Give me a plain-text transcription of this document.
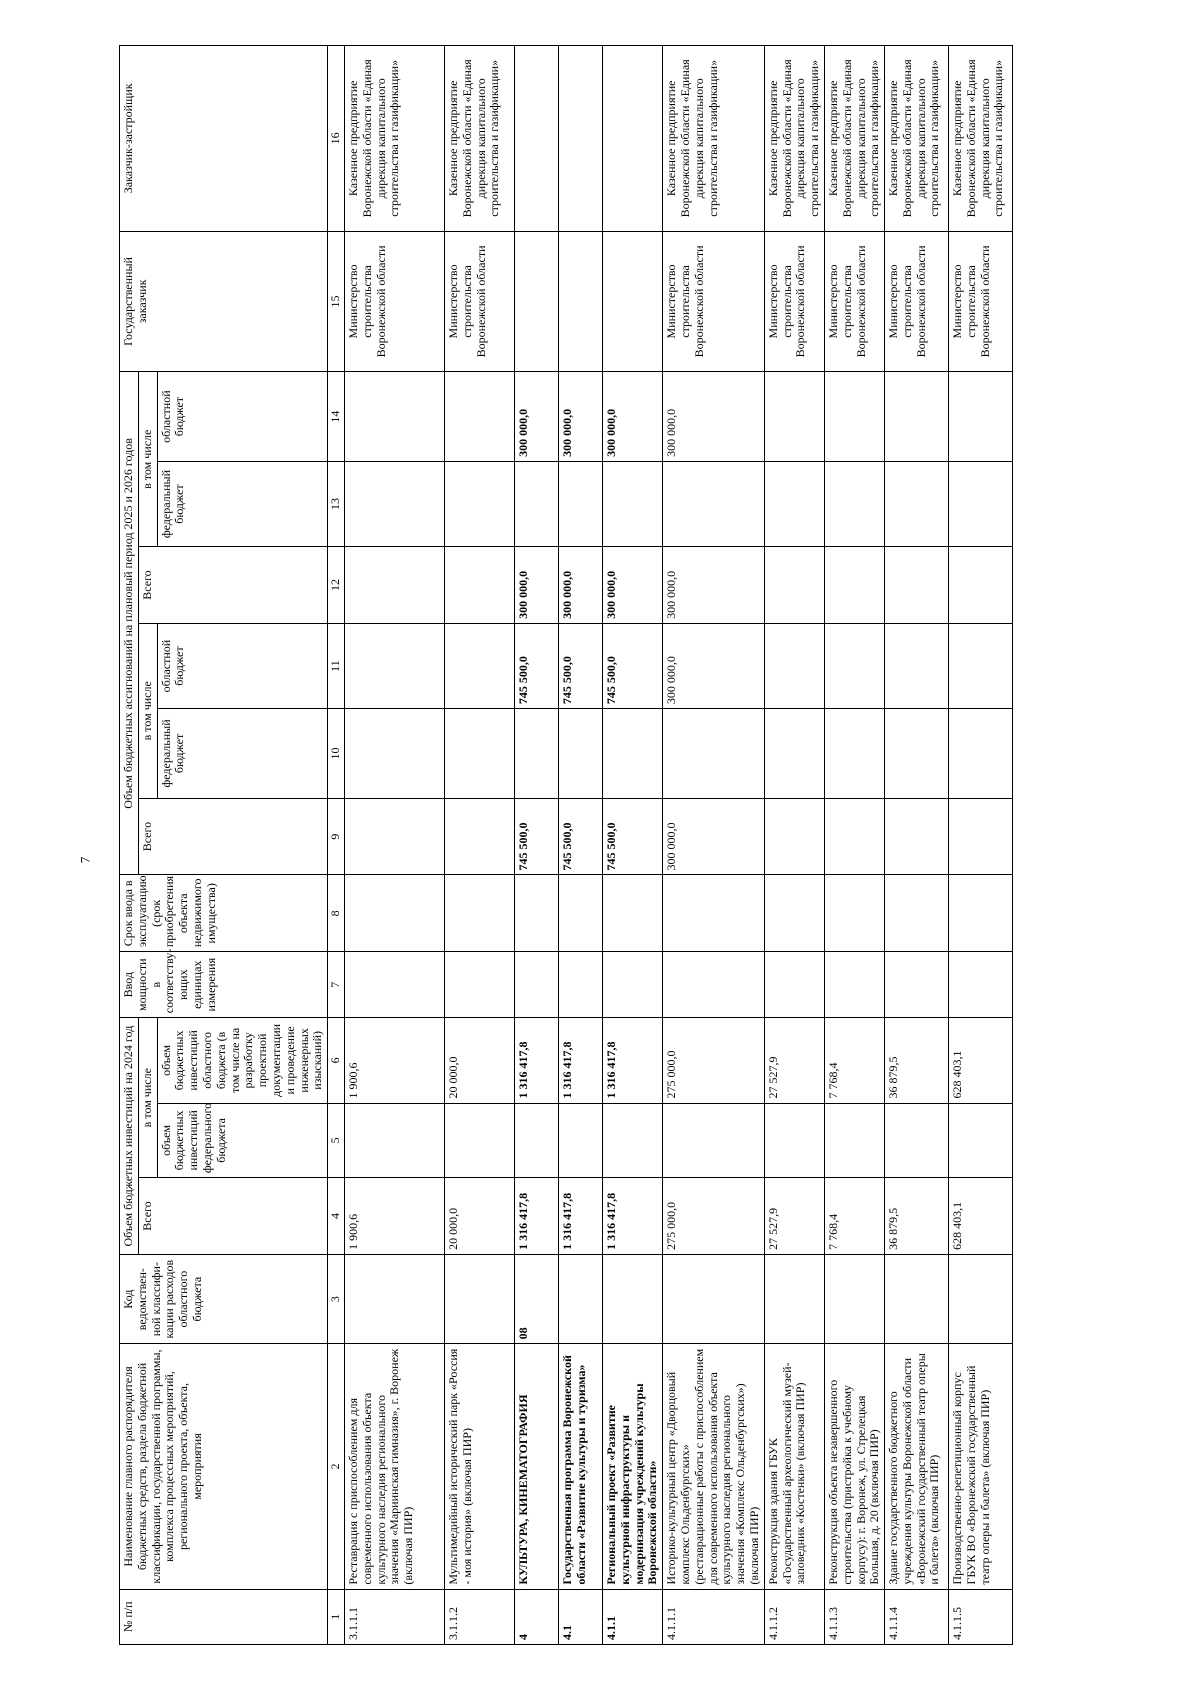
7
№ п/п	Наименование главного распорядителя бюджетных средств, раздела бюджетной классификации, государственной программы, комплекса процессных мероприятий, регионального проекта, объекта, мероприятия	Код ведомствен-ной классифи-кации расходов областного бюджета	Объем бюджетных инвестиций на 2024 год			Ввод мощности в соответству-ющих единицах измерения	Срок ввода в эксплуатацию (срок приобретения объекта недвижимого имущества)	Объем бюджетных ассигнований на плановый период 2025 и 2026 годов						Государственный заказчик	Заказчик-застройщик
			Всего	в том числе				Всего	в том числе		Всего	в том числе			
				объем бюджетных инвестиций федерального бюджета	объем бюджетных инвестиций областного бюджета (в том числе на разработку проектной документации и проведение инженерных изысканий)				федеральный бюджет	областной бюджет		федеральный бюджет	областной бюджет		
1	2	3	4	5	6	7	8	9	10	11	12	13	14	15	16
3.1.1.1	Реставрация с приспособлением для современного использования объекта культурного наследия регионального значения «Мариинская гимназия», г. Воронеж (включая ПИР)		1 900,6		1 900,6									Министерство строительства Воронежской области	Казенное предприятие Воронежской области «Единая дирекция капитального строительства и газификации»
3.1.1.2	Мультимедийный исторический парк «Россия - моя история» (включая ПИР)		20 000,0		20 000,0									Министерство строительства Воронежской области	Казенное предприятие Воронежской области «Единая дирекция капитального строительства и газификации»
4	КУЛЬТУРА, КИНЕМАТОГРАФИЯ	08	1 316 417,8		1 316 417,8			745 500,0		745 500,0	300 000,0		300 000,0		
4.1	Государственная программа Воронежской области «Развитие культуры и туризма»		1 316 417,8		1 316 417,8			745 500,0		745 500,0	300 000,0		300 000,0		
4.1.1	Региональный проект «Развитие культурной инфраструктуры и модернизация учреждений культуры Воронежской области»		1 316 417,8		1 316 417,8			745 500,0		745 500,0	300 000,0		300 000,0		
4.1.1.1	Историко-культурный центр «Дворцовый комплекс Ольденбургских» (реставрационные работы с приспособлением для современного использования объекта культурного наследия регионального значения «Комплекс Ольденбургских») (включая ПИР)		275 000,0		275 000,0			300 000,0		300 000,0	300 000,0		300 000,0	Министерство строительства Воронежской области	Казенное предприятие Воронежской области «Единая дирекция капитального строительства и газификации»
4.1.1.2	Реконструкция здания ГБУК «Государственный археологический музей-заповедник «Костенки» (включая ПИР)		27 527,9		27 527,9									Министерство строительства Воронежской области	Казенное предприятие Воронежской области «Единая дирекция капитального строительства и газификации»
4.1.1.3	Реконструкция объекта незавершенного строительства (пристройка к учебному корпусу): г. Воронеж, ул. Стрелецкая Большая, д. 20 (включая ПИР)		7 768,4		7 768,4									Министерство строительства Воронежской области	Казенное предприятие Воронежской области «Единая дирекция капитального строительства и газификации»
4.1.1.4	Здание государственного бюджетного учреждения культуры Воронежской области «Воронежский государственный театр оперы и балета» (включая ПИР)		36 879,5		36 879,5									Министерство строительства Воронежской области	Казенное предприятие Воронежской области «Единая дирекция капитального строительства и газификации»
4.1.1.5	Производственно-репетиционный корпус ГБУК ВО «Воронежский государственный театр оперы и балета» (включая ПИР)		628 403,1		628 403,1									Министерство строительства Воронежской области	Казенное предприятие Воронежской области «Единая дирекция капитального строительства и газификации»
